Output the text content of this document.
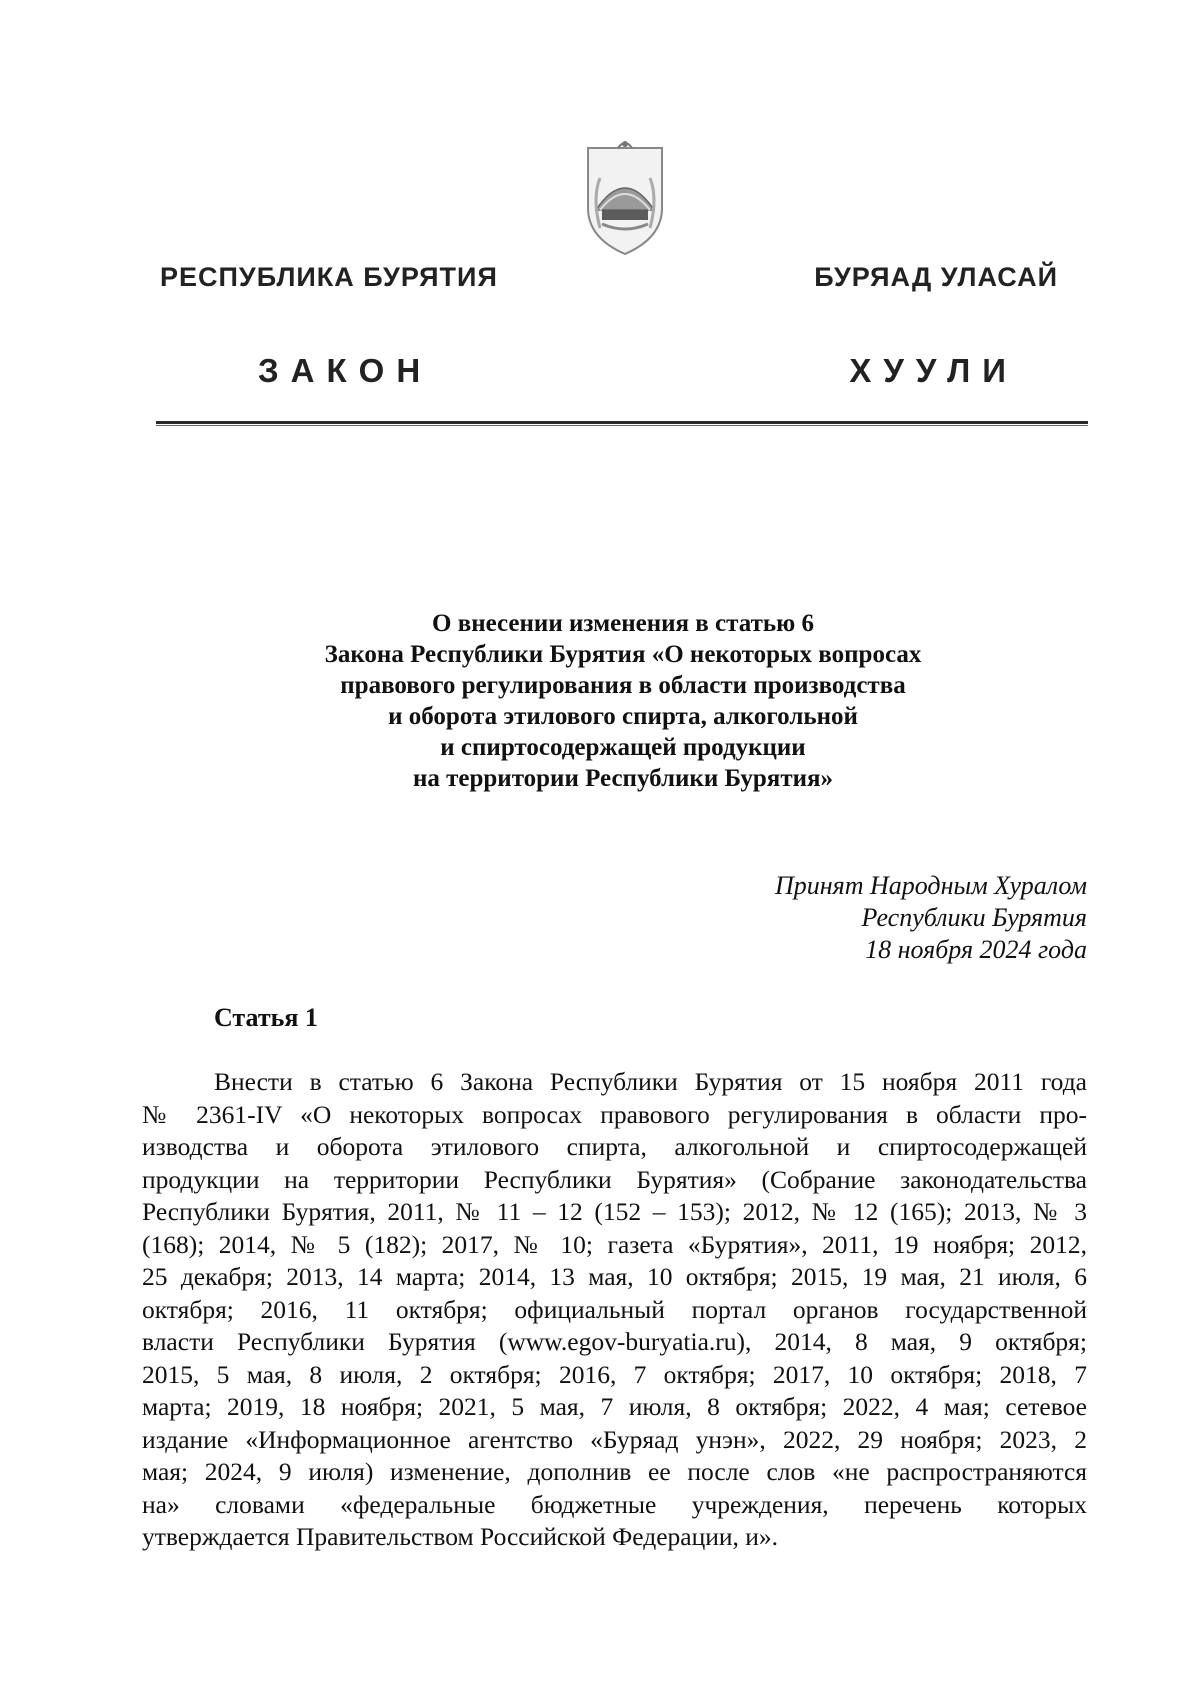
РЕСПУБЛИКА БУРЯТИЯ	БУРЯАД УЛАСАЙ
ЗАКОН	ХУУЛИ
О внесении изменения в статью 6
Закона Республики Бурятия «О некоторых вопросах
правового регулирования в области производства
и оборота этилового спирта, алкогольной
и спиртосодержащей продукции
на территории Республики Бурятия»
Принят Народным Хуралом
Республики Бурятия
18 ноября 2024 года
Статья 1
Внести в статью 6 Закона Республики Бурятия от 15 ноября 2011 года
№ 2361-IV «О некоторых вопросах правового регулирования в области про-
изводства и оборота этилового спирта, алкогольной и спиртосодержащей
продукции на территории Республики Бурятия» (Собрание законодательства
Республики Бурятия, 2011, № 11 – 12 (152 – 153); 2012, № 12 (165); 2013, № 3
(168); 2014, № 5 (182); 2017, № 10; газета «Бурятия», 2011, 19 ноября; 2012,
25 декабря; 2013, 14 марта; 2014, 13 мая, 10 октября; 2015, 19 мая, 21 июля, 6
октября; 2016, 11 октября; официальный портал органов государственной
власти Республики Бурятия (www.egov-buryatia.ru), 2014, 8 мая, 9 октября;
2015, 5 мая, 8 июля, 2 октября; 2016, 7 октября; 2017, 10 октября; 2018, 7
марта; 2019, 18 ноября; 2021, 5 мая, 7 июля, 8 октября; 2022, 4 мая; сетевое
издание «Информационное агентство «Буряад унэн», 2022, 29 ноября; 2023, 2
мая; 2024, 9 июля) изменение, дополнив ее после слов «не распространяются
на» словами «федеральные бюджетные учреждения, перечень которых
утверждается Правительством Российской Федерации, и».
